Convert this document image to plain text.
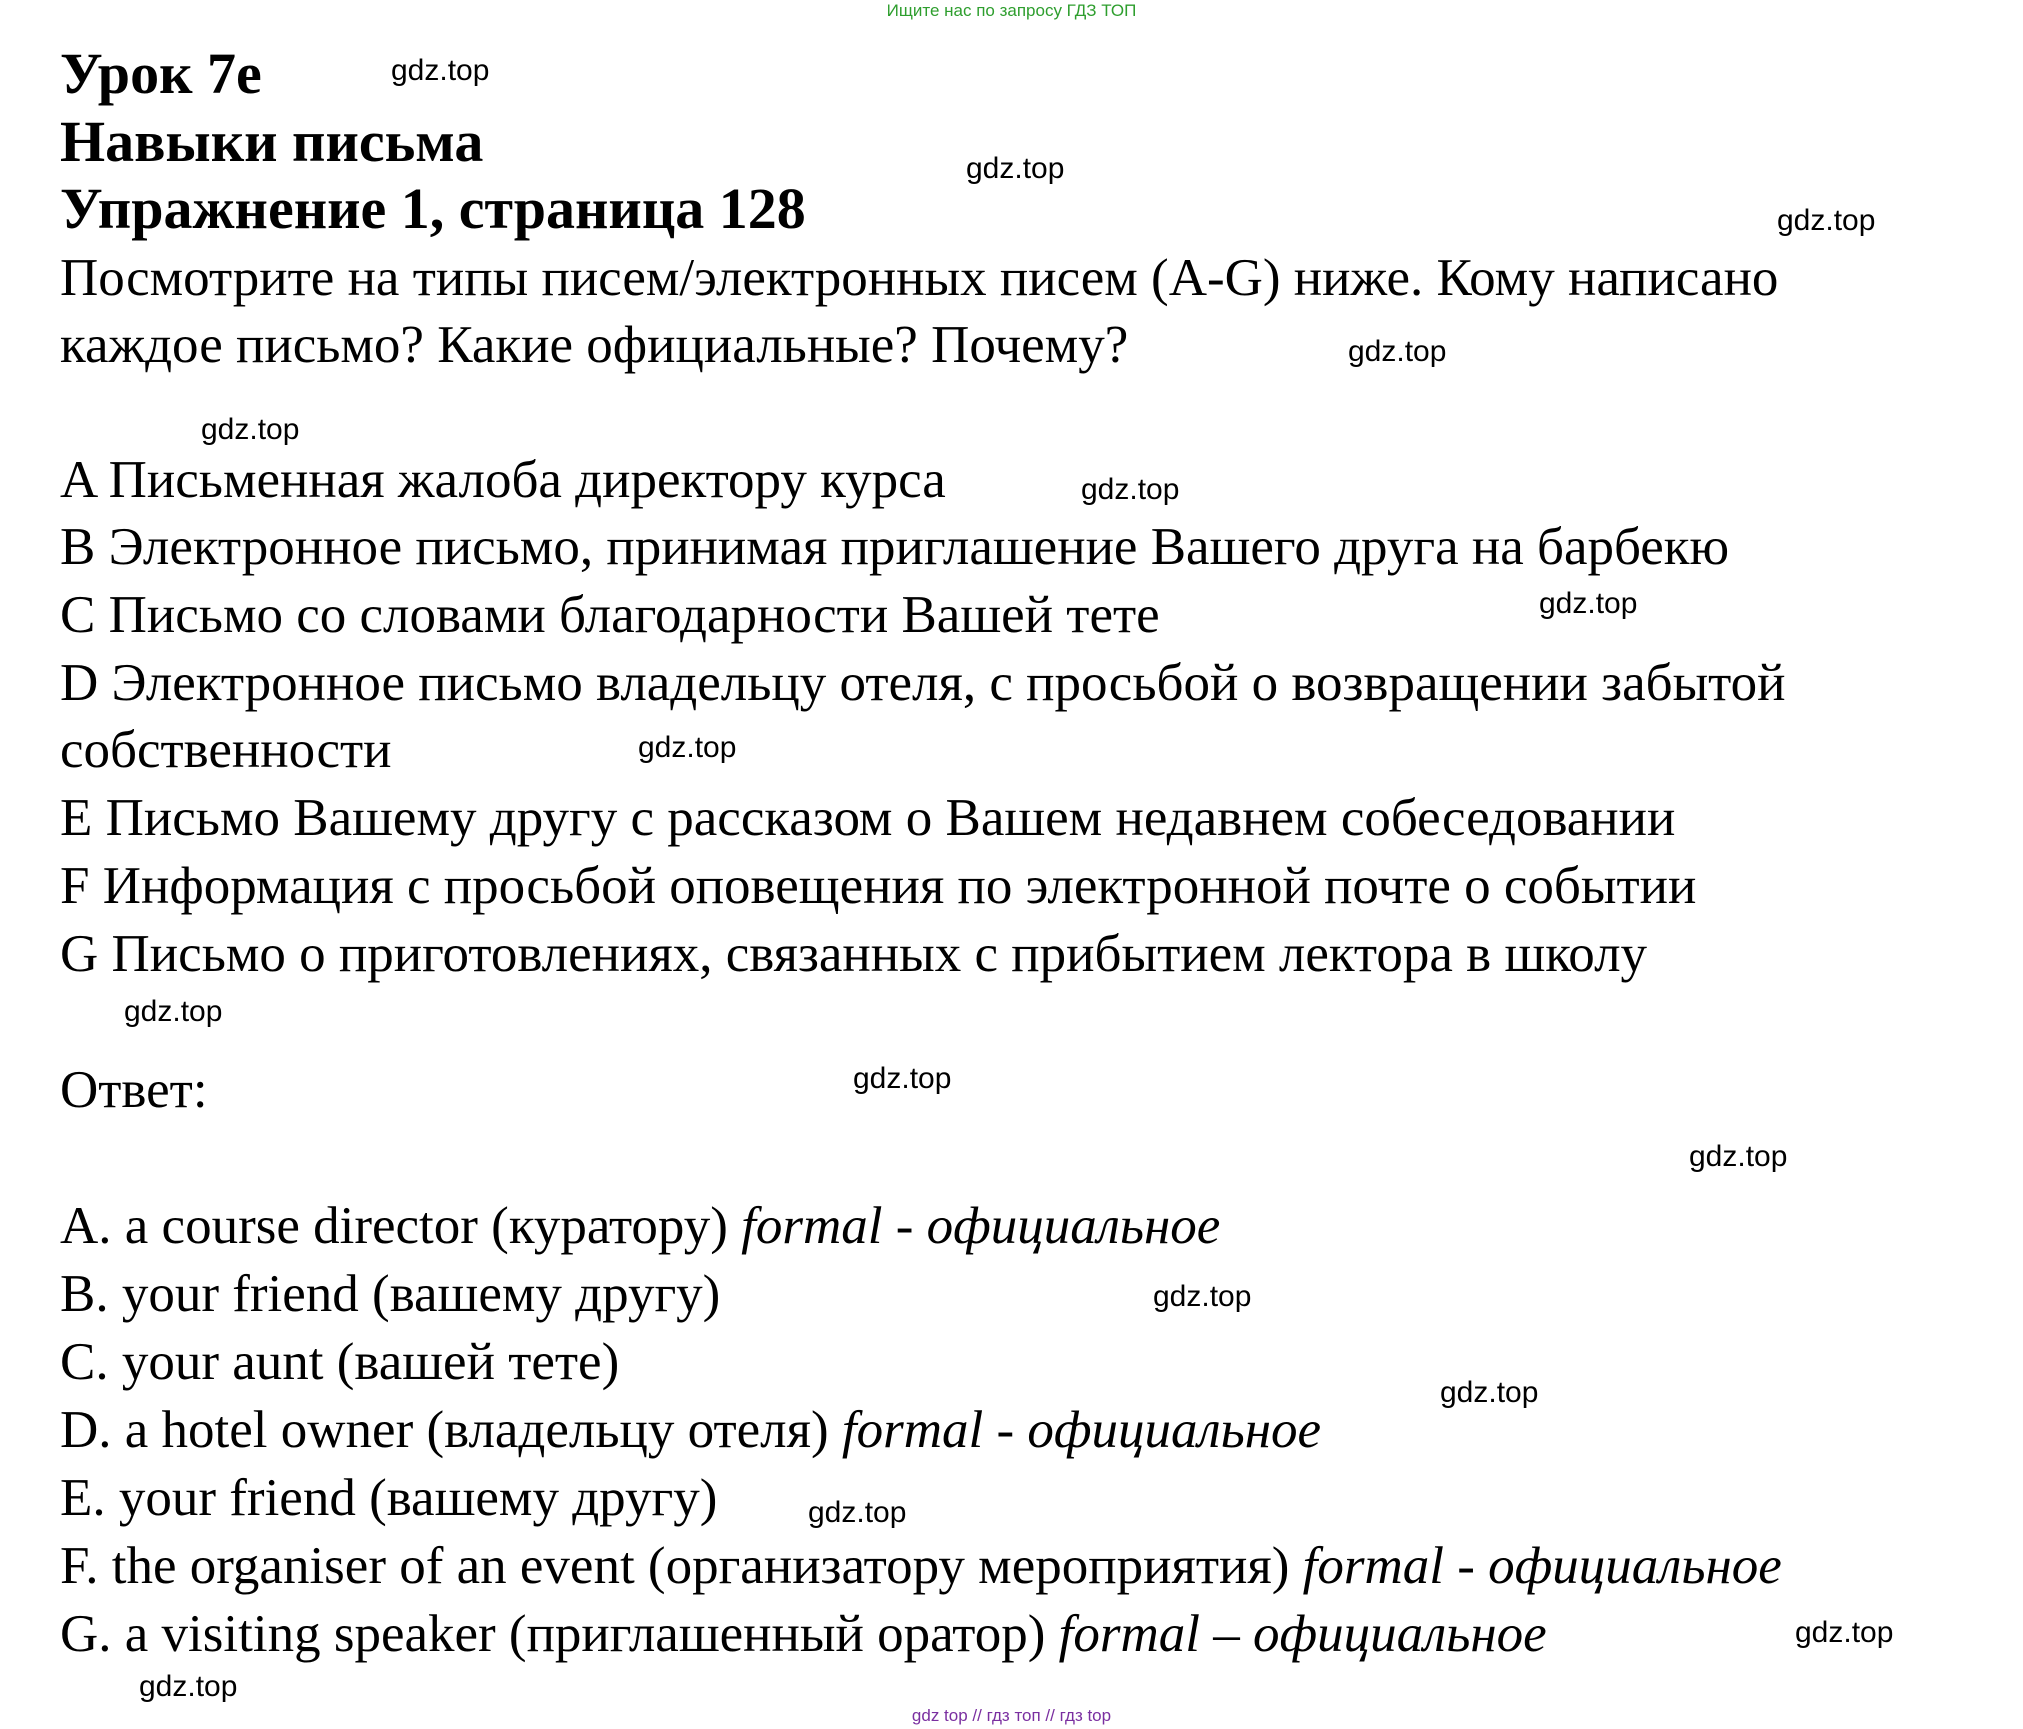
Ищите нас по запросу ГДЗ ТОП
Урок 7е
Навыки письма
Упражнение 1, страница 128
Посмотрите на типы писем/электронных писем (A-G) ниже. Кому написано
каждое письмо? Какие официальные? Почему?
A Письменная жалоба директору курса
B Электронное письмо, принимая приглашение Вашего друга на барбекю
C Письмо со словами благодарности Вашей тете
D Электронное письмо владельцу отеля, с просьбой о возвращении забытой
собственности
E Письмо Вашему другу с рассказом о Вашем недавнем собеседовании
F Информация с просьбой оповещения по электронной почте о событии
G Письмо о приготовлениях, связанных с прибытием лектора в школу
Ответ:
A. a course director (куратору) formal - официальное
B. your friend (вашему другу)
C. your aunt (вашей тете)
D. a hotel owner (владельцу отеля) formal - официальное
E. your friend (вашему другу)
F. the organiser of an event (организатору мероприятия) formal - официальное
G. a visiting speaker (приглашенный оратор) formal – официальное
gdz.top
gdz.top
gdz.top
gdz.top
gdz.top
gdz.top
gdz.top
gdz.top
gdz.top
gdz.top
gdz.top
gdz.top
gdz.top
gdz.top
gdz.top
gdz.top
gdz top // гдз топ // гдз top
